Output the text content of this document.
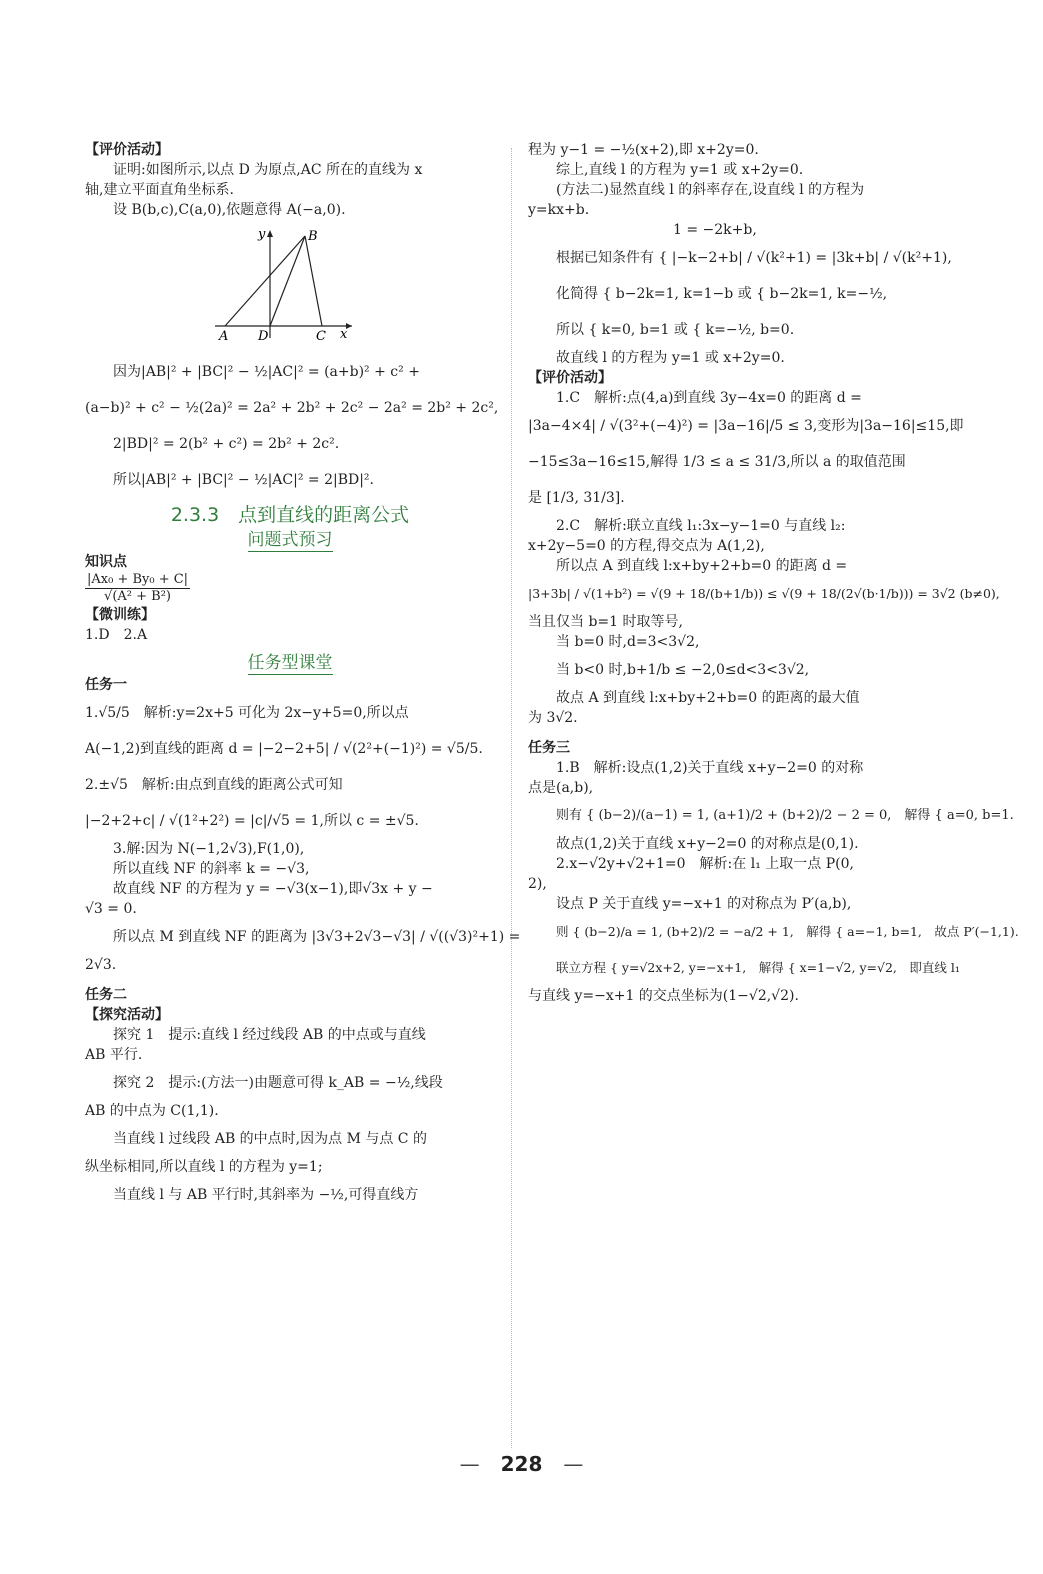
【评价活动】

证明:如图所示,以点 D 为原点,AC 所在的直线为 x

轴,建立平面直角坐标系.

设 B(b,c),C(a,0),依题意得 A(−a,0).

y	B
A D	C x

因为|AB|² + |BC|² − ½|AC|² = (a+b)² + c² +

(a−b)² + c² − ½(2a)² = 2a² + 2b² + 2c² − 2a² = 2b² + 2c²,

2|BD|² = 2(b² + c²) = 2b² + 2c².

所以|AB|² + |BC|² − ½|AC|² = 2|BD|².

2.3.3　点到直线的距离公式

问题式预习

知识点

$\frac{\text{|Ax₀ + By₀ + C|}}{\text{√(A² + B²)}}$

【微训练】

1.D　2.A

任务型课堂

任务一

1.√5/5　解析:y=2x+5 可化为 2x−y+5=0,所以点

A(−1,2)到直线的距离 d = |−2−2+5| / √(2²+(−1)²) = √5/5.

2.±√5　解析:由点到直线的距离公式可知

|−2+2+c| / √(1²+2²) = |c|/√5 = 1,所以 c = ±√5.

3.解:因为 N(−1,2√3),F(1,0),

所以直线 NF 的斜率 k = −√3,

故直线 NF 的方程为 y = −√3(x−1),即√3x + y −

√3 = 0.

所以点 M 到直线 NF 的距离为 |3√3+2√3−√3| / √((√3)²+1) =

2√3.

任务二

【探究活动】

探究 1　提示:直线 l 经过线段 AB 的中点或与直线

AB 平行.

探究 2　提示:(方法一)由题意可得 k_AB = −½,线段

AB 的中点为 C(1,1).

当直线 l 过线段 AB 的中点时,因为点 M 与点 C 的

纵坐标相同,所以直线 l 的方程为 y=1;

当直线 l 与 AB 平行时,其斜率为 −½,可得直线方

程为 y−1 = −½(x+2),即 x+2y=0.

综上,直线 l 的方程为 y=1 或 x+2y=0.

(方法二)显然直线 l 的斜率存在,设直线 l 的方程为

y=kx+b.

1 = −2k+b,

根据已知条件有 { |−k−2+b| / √(k²+1) = |3k+b| / √(k²+1),

化简得 { b−2k=1, k=1−b 或 { b−2k=1, k=−½,

所以 { k=0, b=1 或 { k=−½, b=0.

故直线 l 的方程为 y=1 或 x+2y=0.

【评价活动】

1.C　解析:点(4,a)到直线 3y−4x=0 的距离 d =

|3a−4×4| / √(3²+(−4)²) = |3a−16|/5 ≤ 3,变形为|3a−16|≤15,即

−15≤3a−16≤15,解得 1/3 ≤ a ≤ 31/3,所以 a 的取值范围

是 [1/3, 31/3].

2.C　解析:联立直线 l₁:3x−y−1=0 与直线 l₂:

x+2y−5=0 的方程,得交点为 A(1,2),

所以点 A 到直线 l:x+by+2+b=0 的距离 d =

|3+3b| / √(1+b²) = √(9 + 18/(b+1/b)) ≤ √(9 + 18/(2√(b·1/b))) = 3√2 (b≠0),

当且仅当 b=1 时取等号,

当 b=0 时,d=3<3√2,

当 b<0 时,b+1/b ≤ −2,0≤d<3<3√2,

故点 A 到直线 l:x+by+2+b=0 的距离的最大值

为 3√2.

任务三

1.B　解析:设点(1,2)关于直线 x+y−2=0 的对称

点是(a,b),

则有 { (b−2)/(a−1) = 1, (a+1)/2 + (b+2)/2 − 2 = 0,　解得 { a=0, b=1.

故点(1,2)关于直线 x+y−2=0 的对称点是(0,1).

2.x−√2y+√2+1=0　解析:在 l₁ 上取一点 P(0,

2),

设点 P 关于直线 y=−x+1 的对称点为 P′(a,b),

则 { (b−2)/a = 1, (b+2)/2 = −a/2 + 1,　解得 { a=−1, b=1,　故点 P′(−1,1).

联立方程 { y=√2x+2, y=−x+1,　解得 { x=1−√2, y=√2,　即直线 l₁

与直线 y=−x+1 的交点坐标为(1−√2,√2).

— 228 —
